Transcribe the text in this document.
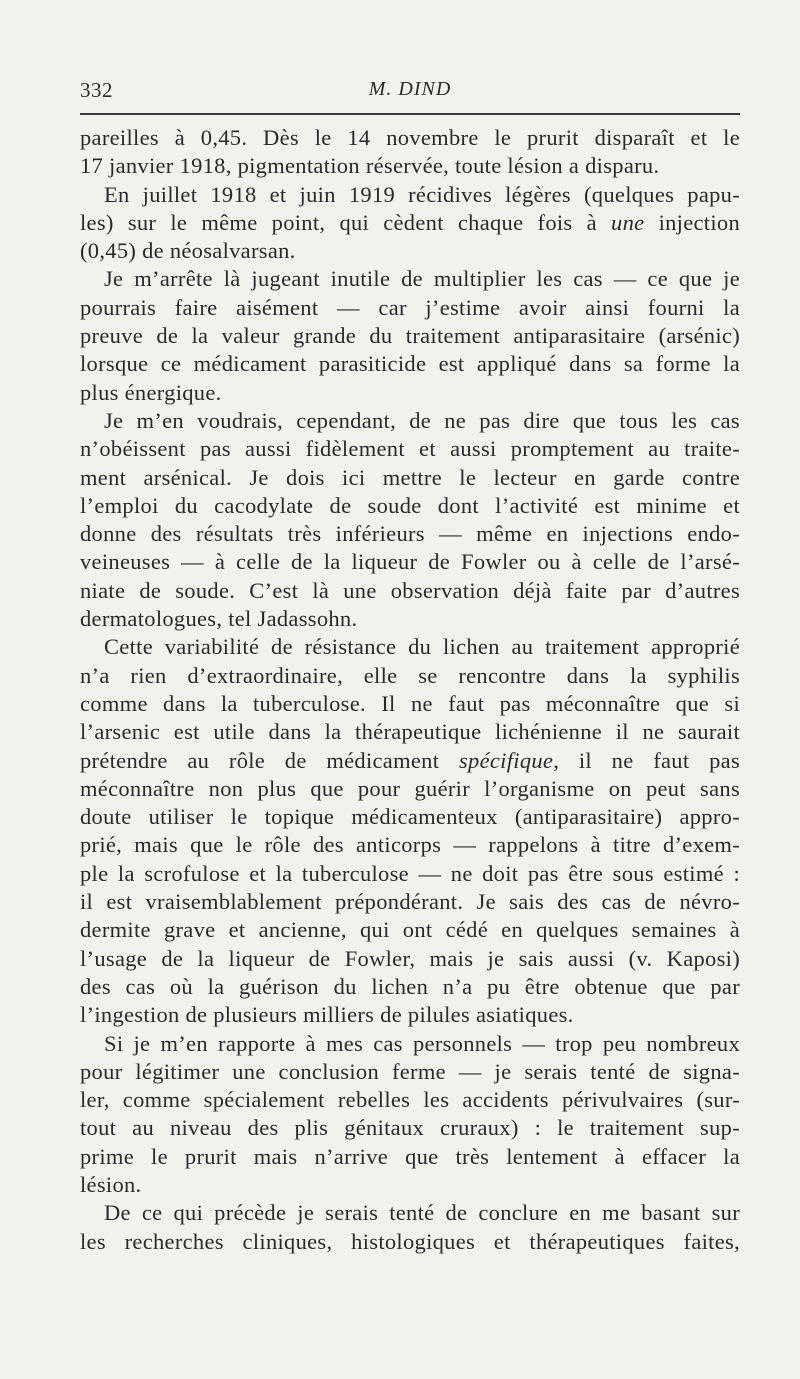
332	M. DIND
pareilles à 0,45. Dès le 14 novembre le prurit disparaît et le
17 janvier 1918, pigmentation réservée, toute lésion a disparu.
En juillet 1918 et juin 1919 récidives légères (quelques papu-
les) sur le même point, qui cèdent chaque fois à une injection
(0,45) de néosalvarsan.
Je m’arrête là jugeant inutile de multiplier les cas — ce que je
pourrais faire aisément — car j’estime avoir ainsi fourni la
preuve de la valeur grande du traitement antiparasitaire (arsénic)
lorsque ce médicament parasiticide est appliqué dans sa forme la
plus énergique.
Je m’en voudrais, cependant, de ne pas dire que tous les cas
n’obéissent pas aussi fidèlement et aussi promptement au traite-
ment arsénical. Je dois ici mettre le lecteur en garde contre
l’emploi du cacodylate de soude dont l’activité est minime et
donne des résultats très inférieurs — même en injections endo-
veineuses — à celle de la liqueur de Fowler ou à celle de l’arsé-
niate de soude. C’est là une observation déjà faite par d’autres
dermatologues, tel Jadassohn.
Cette variabilité de résistance du lichen au traitement approprié
n’a rien d’extraordinaire, elle se rencontre dans la syphilis
comme dans la tuberculose. Il ne faut pas méconnaître que si
l’arsenic est utile dans la thérapeutique lichénienne il ne saurait
prétendre au rôle de médicament spécifique, il ne faut pas
méconnaître non plus que pour guérir l’organisme on peut sans
doute utiliser le topique médicamenteux (antiparasitaire) appro-
prié, mais que le rôle des anticorps — rappelons à titre d’exem-
ple la scrofulose et la tuberculose — ne doit pas être sous estimé :
il est vraisemblablement prépondérant. Je sais des cas de névro-
dermite grave et ancienne, qui ont cédé en quelques semaines à
l’usage de la liqueur de Fowler, mais je sais aussi (v. Kaposi)
des cas où la guérison du lichen n’a pu être obtenue que par
l’ingestion de plusieurs milliers de pilules asiatiques.
Si je m’en rapporte à mes cas personnels — trop peu nombreux
pour légitimer une conclusion ferme — je serais tenté de signa-
ler, comme spécialement rebelles les accidents périvulvaires (sur-
tout au niveau des plis génitaux cruraux) : le traitement sup-
prime le prurit mais n’arrive que très lentement à effacer la
lésion.
De ce qui précède je serais tenté de conclure en me basant sur
les recherches cliniques, histologiques et thérapeutiques faites,
